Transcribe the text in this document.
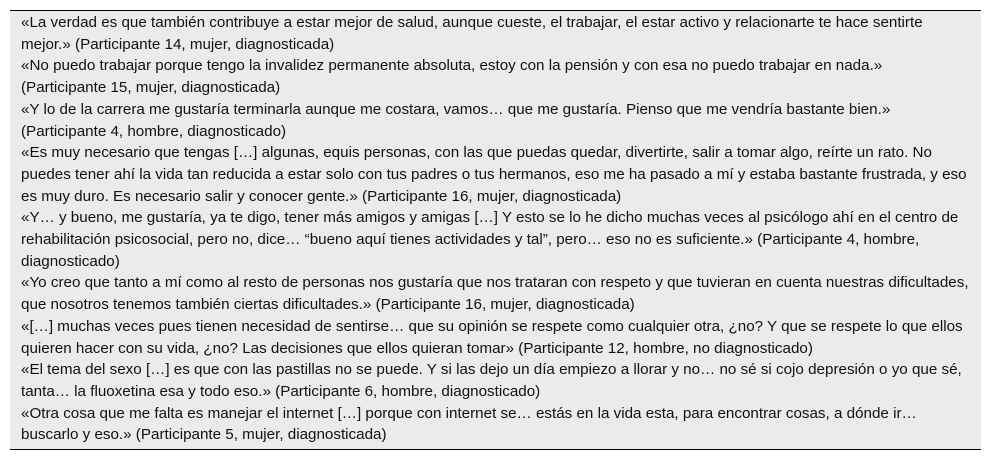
«La verdad es que también contribuye a estar mejor de salud, aunque cueste, el trabajar, el estar activo y relacionarte te hace sentirte mejor.» (Participante 14, mujer, diagnosticada)
«No puedo trabajar porque tengo la invalidez permanente absoluta, estoy con la pensión y con esa no puedo trabajar en nada.» (Participante 15, mujer, diagnosticada)
«Y lo de la carrera me gustaría terminarla aunque me costara, vamos… que me gustaría. Pienso que me vendría bastante bien.» (Participante 4, hombre, diagnosticado)
«Es muy necesario que tengas […] algunas, equis personas, con las que puedas quedar, divertirte, salir a tomar algo, reírte un rato. No puedes tener ahí la vida tan reducida a estar solo con tus padres o tus hermanos, eso me ha pasado a mí y estaba bastante frustrada, y eso es muy duro. Es necesario salir y conocer gente.» (Participante 16, mujer, diagnosticada)
«Y… y bueno, me gustaría, ya te digo, tener más amigos y amigas […] Y esto se lo he dicho muchas veces al psicólogo ahí en el centro de rehabilitación psicosocial, pero no, dice… “bueno aquí tienes actividades y tal”, pero… eso no es suficiente.» (Participante 4, hombre, diagnosticado)
«Yo creo que tanto a mí como al resto de personas nos gustaría que nos trataran con respeto y que tuvieran en cuenta nuestras dificultades, que nosotros tenemos también ciertas dificultades.» (Participante 16, mujer, diagnosticada)
«[…] muchas veces pues tienen necesidad de sentirse… que su opinión se respete como cualquier otra, ¿no? Y que se respete lo que ellos quieren hacer con su vida, ¿no? Las decisiones que ellos quieran tomar» (Participante 12, hombre, no diagnosticado)
«El tema del sexo […] es que con las pastillas no se puede. Y si las dejo un día empiezo a llorar y no… no sé si cojo depresión o yo que sé, tanta… la fluoxetina esa y todo eso.» (Participante 6, hombre, diagnosticado)
«Otra cosa que me falta es manejar el internet […] porque con internet se… estás en la vida esta, para encontrar cosas, a dónde ir… buscarlo y eso.» (Participante 5, mujer, diagnosticada)
